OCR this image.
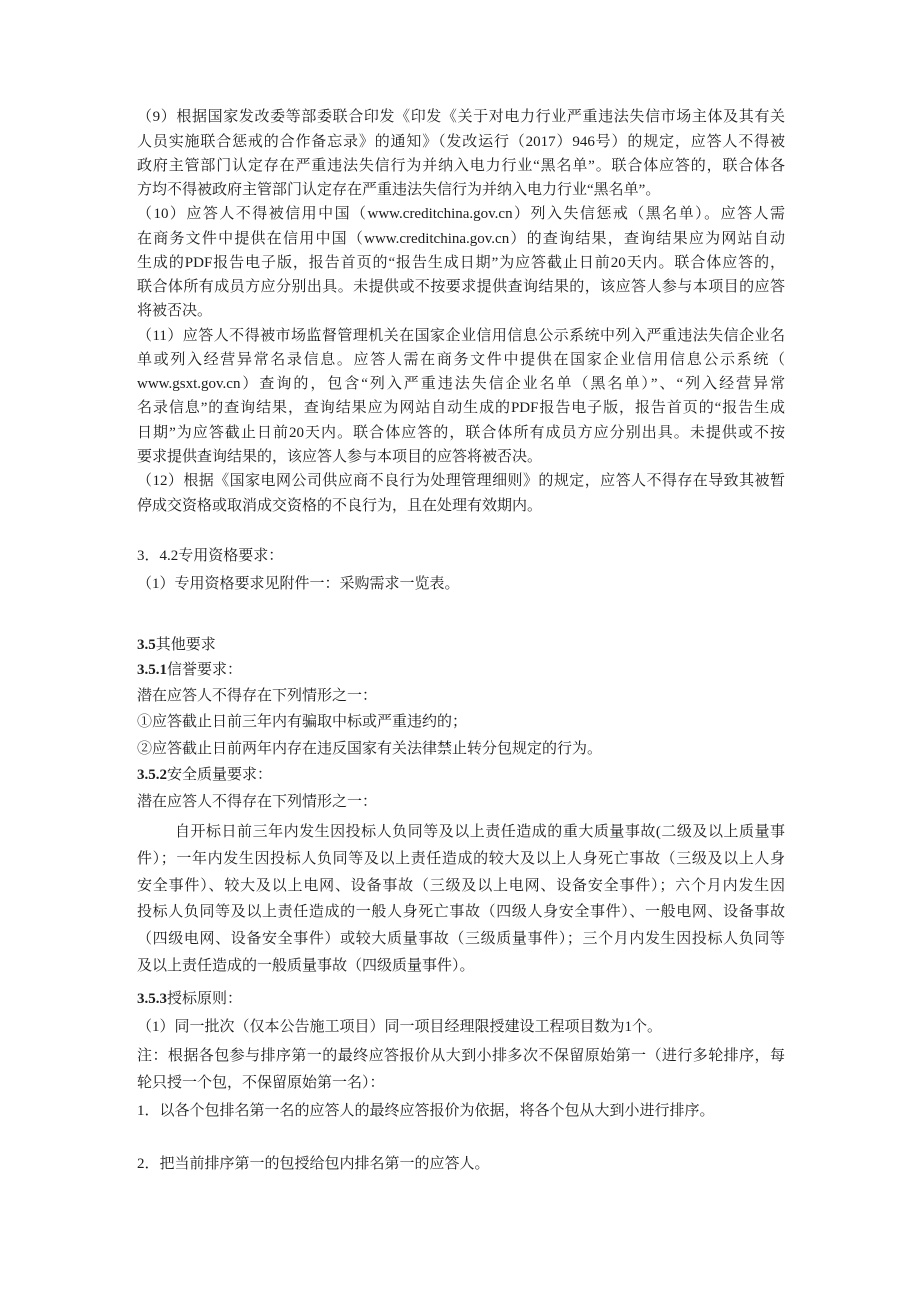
（9）根据国家发改委等部委联合印发《印发《关于对电力行业严重违法失信市场主体及其有关
人员实施联合惩戒的合作备忘录》的通知》（发改运行（2017）946号）的规定，应答人不得被
政府主管部门认定存在严重违法失信行为并纳入电力行业“黑名单”。联合体应答的，联合体各
方均不得被政府主管部门认定存在严重违法失信行为并纳入电力行业“黑名单”。
（10）应答人不得被信用中国（www.creditchina.gov.cn）列入失信惩戒（黑名单）。应答人需
在商务文件中提供在信用中国（www.creditchina.gov.cn）的查询结果，查询结果应为网站自动
生成的PDF报告电子版，报告首页的“报告生成日期”为应答截止日前20天内。联合体应答的，
联合体所有成员方应分别出具。未提供或不按要求提供查询结果的，该应答人参与本项目的应答
将被否决。
（11）应答人不得被市场监督管理机关在国家企业信用信息公示系统中列入严重违法失信企业名
单或列入经营异常名录信息。应答人需在商务文件中提供在国家企业信用信息公示系统（
www.gsxt.gov.cn）查询的，包含“列入严重违法失信企业名单（黑名单）”、“列入经营异常
名录信息”的查询结果，查询结果应为网站自动生成的PDF报告电子版，报告首页的“报告生成
日期”为应答截止日前20天内。联合体应答的，联合体所有成员方应分别出具。未提供或不按
要求提供查询结果的，该应答人参与本项目的应答将被否决。
（12）根据《国家电网公司供应商不良行为处理管理细则》的规定，应答人不得存在导致其被暂
停成交资格或取消成交资格的不良行为，且在处理有效期内。
3．4.2专用资格要求：
（1）专用资格要求见附件一：采购需求一览表。
3.5其他要求
3.5.1信誉要求：
潜在应答人不得存在下列情形之一：
①应答截止日前三年内有骗取中标或严重违约的；
②应答截止日前两年内存在违反国家有关法律禁止转分包规定的行为。
3.5.2安全质量要求：
潜在应答人不得存在下列情形之一：
自开标日前三年内发生因投标人负同等及以上责任造成的重大质量事故(二级及以上质量事
件）；一年内发生因投标人负同等及以上责任造成的较大及以上人身死亡事故（三级及以上人身
安全事件）、较大及以上电网、设备事故（三级及以上电网、设备安全事件）；六个月内发生因
投标人负同等及以上责任造成的一般人身死亡事故（四级人身安全事件）、一般电网、设备事故
（四级电网、设备安全事件）或较大质量事故（三级质量事件）；三个月内发生因投标人负同等
及以上责任造成的一般质量事故（四级质量事件）。
3.5.3授标原则：
（1）同一批次（仅本公告施工项目）同一项目经理限授建设工程项目数为1个。
注：根据各包参与排序第一的最终应答报价从大到小排多次不保留原始第一（进行多轮排序，每
轮只授一个包，不保留原始第一名）：
1．以各个包排名第一名的应答人的最终应答报价为依据，将各个包从大到小进行排序。
2．把当前排序第一的包授给包内排名第一的应答人。
